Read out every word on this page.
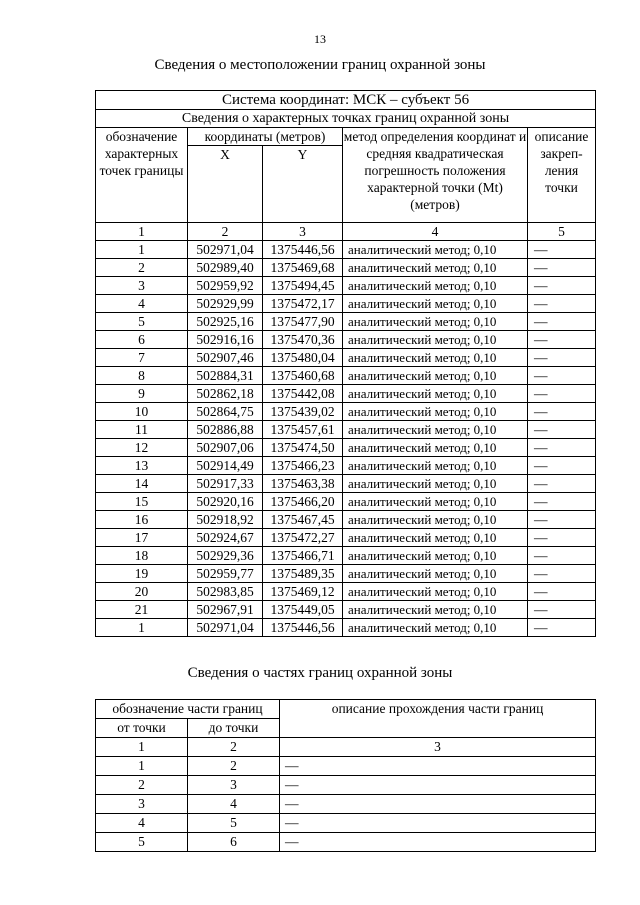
13
Сведения о местоположении границ охранной зоны
Система координат: МСК – субъект 56				
Сведения о характерных точках границ охранной зоны				
обозначение характерных точек границы	координаты (метров)		метод определения координат и средняя квадратическая погрешность положения характерной точки (Mt) (метров)	описание закреп-ления точки
	X	Y		
1	2	3	4	5
1	502971,04	1375446,56	аналитический метод; 0,10	—
2	502989,40	1375469,68	аналитический метод; 0,10	—
3	502959,92	1375494,45	аналитический метод; 0,10	—
4	502929,99	1375472,17	аналитический метод; 0,10	—
5	502925,16	1375477,90	аналитический метод; 0,10	—
6	502916,16	1375470,36	аналитический метод; 0,10	—
7	502907,46	1375480,04	аналитический метод; 0,10	—
8	502884,31	1375460,68	аналитический метод; 0,10	—
9	502862,18	1375442,08	аналитический метод; 0,10	—
10	502864,75	1375439,02	аналитический метод; 0,10	—
11	502886,88	1375457,61	аналитический метод; 0,10	—
12	502907,06	1375474,50	аналитический метод; 0,10	—
13	502914,49	1375466,23	аналитический метод; 0,10	—
14	502917,33	1375463,38	аналитический метод; 0,10	—
15	502920,16	1375466,20	аналитический метод; 0,10	—
16	502918,92	1375467,45	аналитический метод; 0,10	—
17	502924,67	1375472,27	аналитический метод; 0,10	—
18	502929,36	1375466,71	аналитический метод; 0,10	—
19	502959,77	1375489,35	аналитический метод; 0,10	—
20	502983,85	1375469,12	аналитический метод; 0,10	—
21	502967,91	1375449,05	аналитический метод; 0,10	—
1	502971,04	1375446,56	аналитический метод; 0,10	—
Сведения о частях границ охранной зоны
обозначение части границ		описание прохождения части границ
от точки	до точки	
1	2	3
1	2	—
2	3	—
3	4	—
4	5	—
5	6	—
